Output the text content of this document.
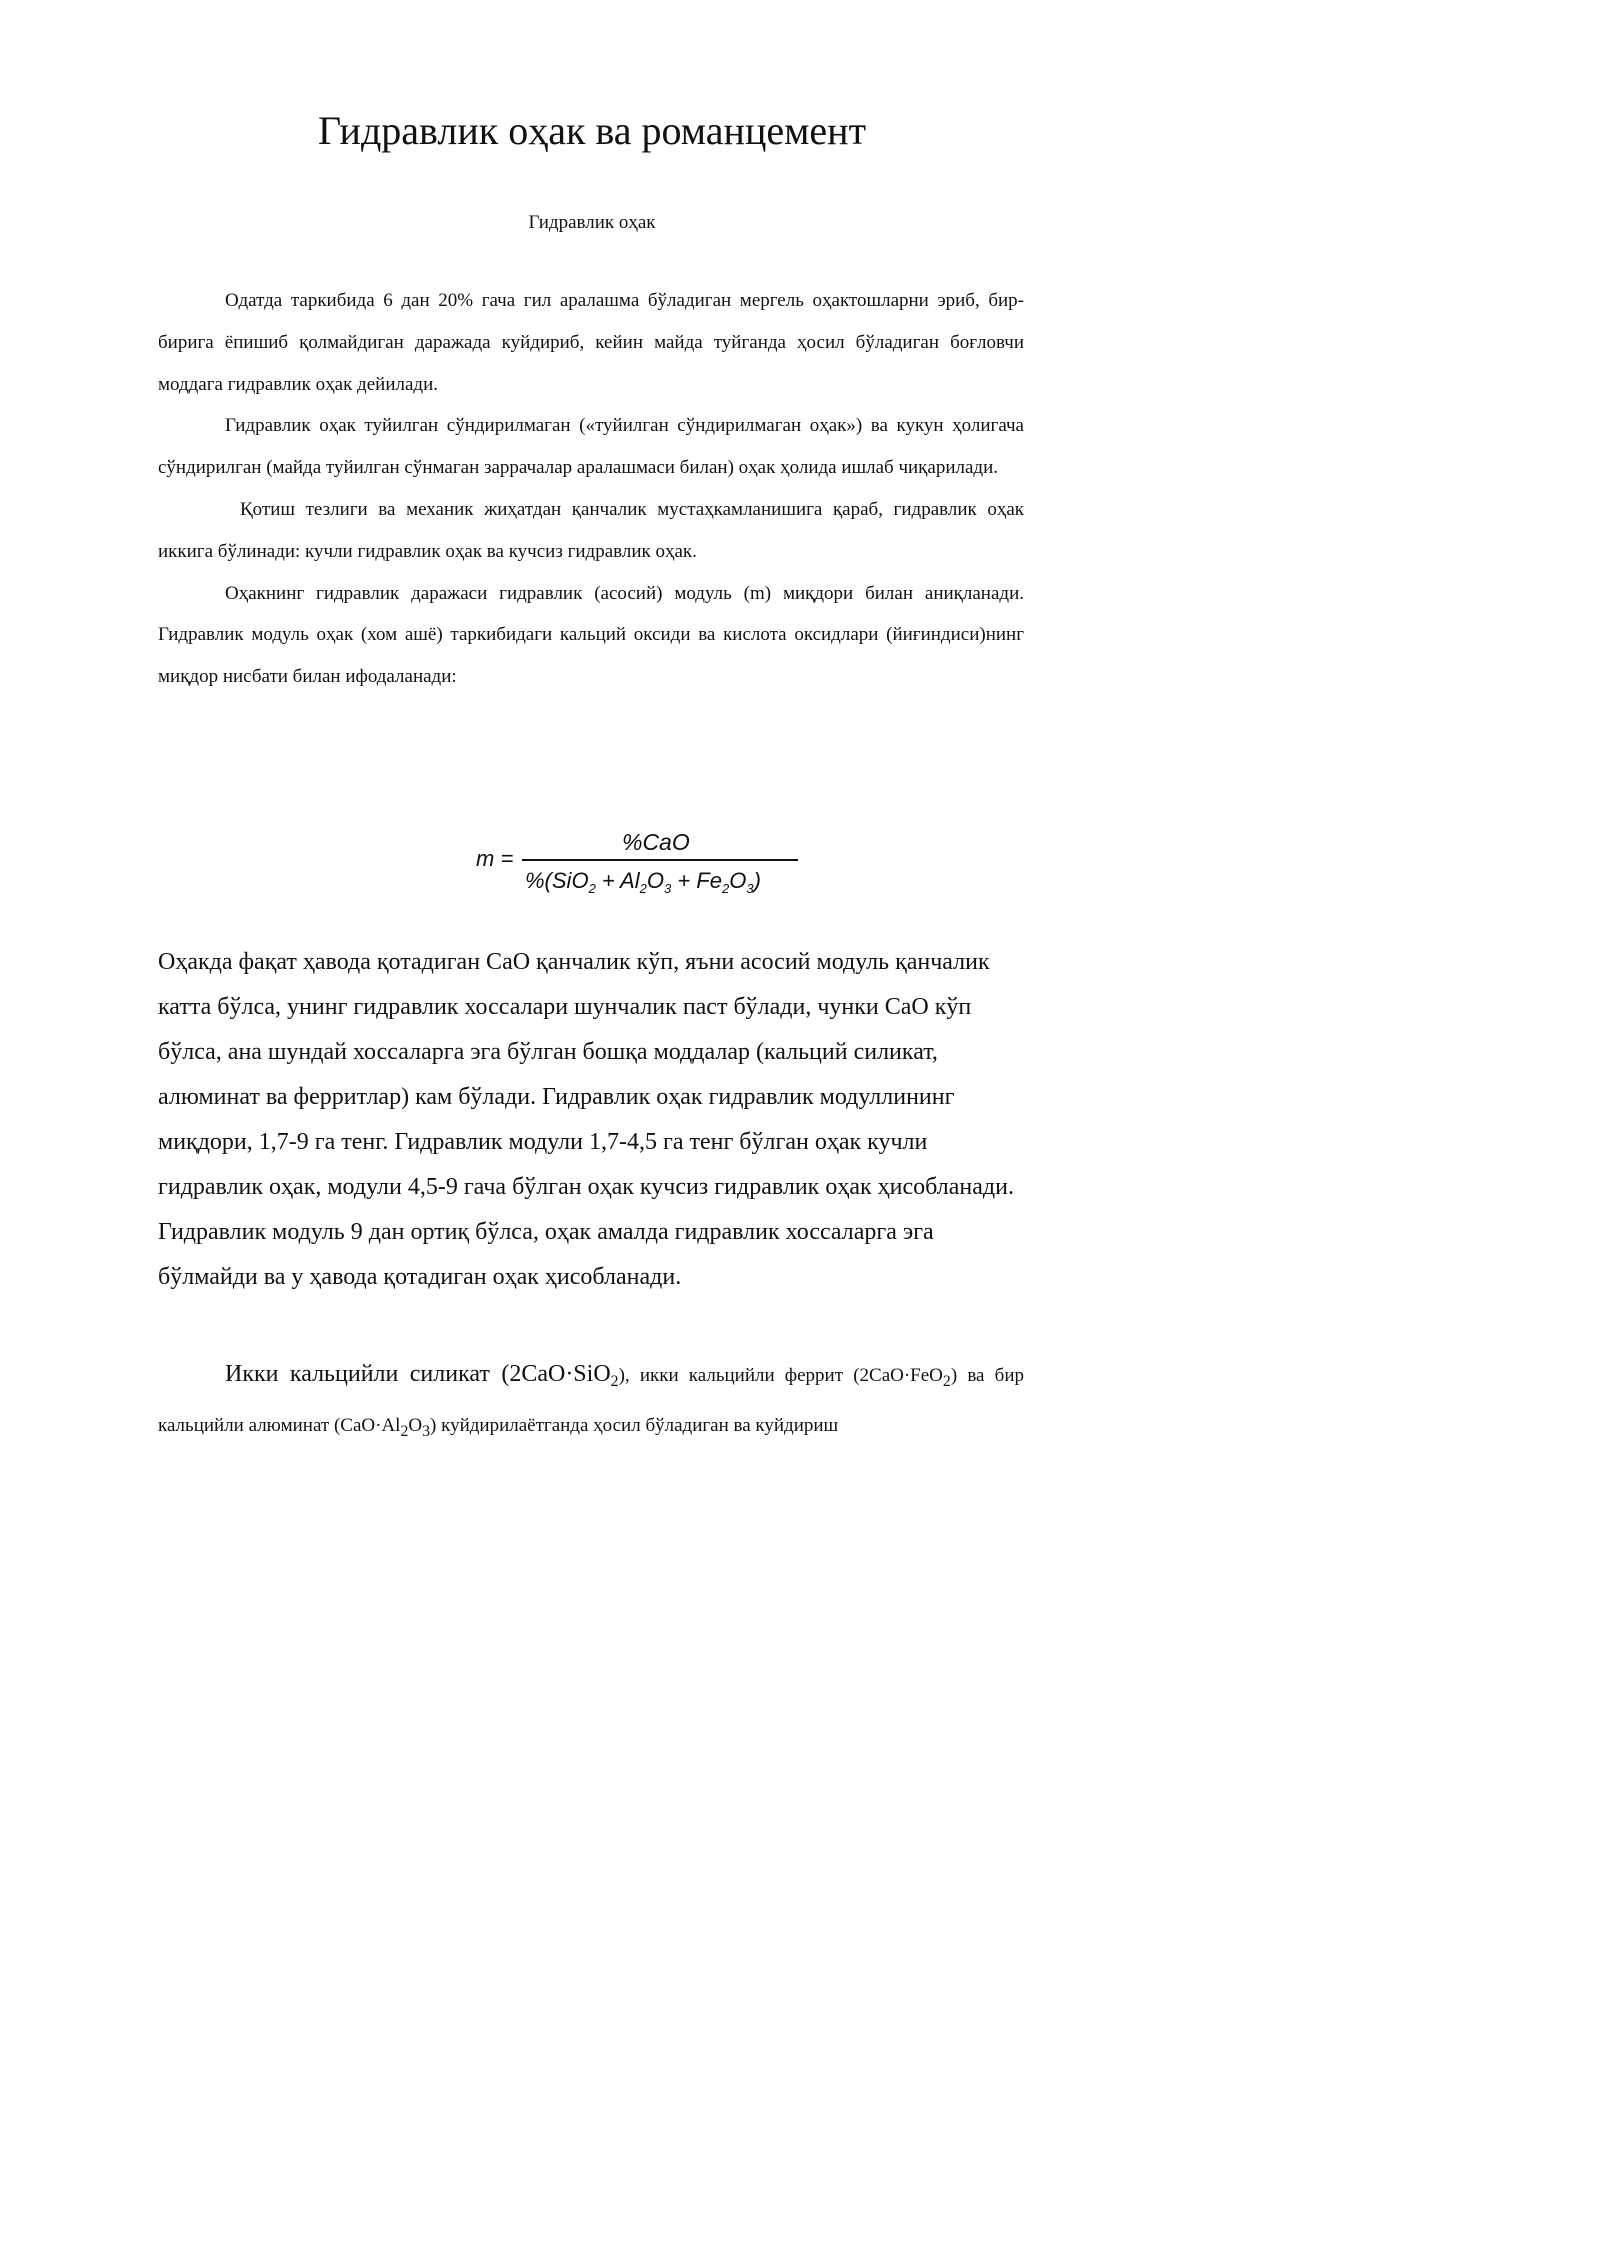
Гидравлик оҳак ва романцемент
Гидравлик оҳак

Одатда таркибида 6 дан 20% гача гил аралашма бўладиган мергель оҳактошларни эриб, бир-бирига ёпишиб қолмайдиган даражада куйдириб, кейин майда туйганда ҳосил бўладиган боғловчи моддага гидравлик оҳак дейилади.

Гидравлик оҳак туйилган сўндирилмаган («туйилган сўндирилмаган оҳак») ва кукун ҳолигача сўндирилган (майда туйилган сўнмаган заррачалар аралашмаси билан) оҳак ҳолида ишлаб чиқарилади.

Қотиш тезлиги ва механик жиҳатдан қанчалик мустаҳкамланишига қараб, гидравлик оҳак иккига бўлинади: кучли гидравлик оҳак ва кучсиз гидравлик оҳак.

Оҳакнинг гидравлик даражаси гидравлик (асосий) модуль (m) миқдори билан аниқланади. Гидравлик модуль оҳак (хом ашё) таркибидаги кальций оксиди ва кислота оксидлари (йиғиндиси)нинг миқдор нисбати билан ифодаланади:

m =
%CaO
$\%(SiO_2 + Al_2O_3 + Fe_2O_3)$

Оҳакда фақат ҳавода қотадиган СаО қанчалик кўп, яъни асосий модуль қанчалик катта бўлса, унинг гидравлик хоссалари шунчалик паст бўлади, чунки СаО кўп бўлса, ана шундай хоссаларга эга бўлган бошқа моддалар (кальций силикат, алюминат ва ферритлар) кам бўлади. Гидравлик оҳак гидравлик модуллининг миқдори, 1,7-9 га тенг. Гидравлик модули 1,7-4,5 га тенг бўлган оҳак кучли гидравлик оҳак, модули 4,5-9 гача бўлган оҳак кучсиз гидравлик оҳак ҳисобланади. Гидравлик модуль 9 дан ортиқ бўлса, оҳак амалда гидравлик хоссаларга эга бўлмайди ва у ҳавода қотадиган оҳак ҳисобланади.

Икки кальцийли силикат (2CaO·SiO$_2$), икки кальцийли феррит (2CaO·FeO$_2$) ва бир кальцийли алюминат $(CaO\cdot Al_2O_3)$ куйдирилаётганда ҳосил бўладиган ва куйдириш
